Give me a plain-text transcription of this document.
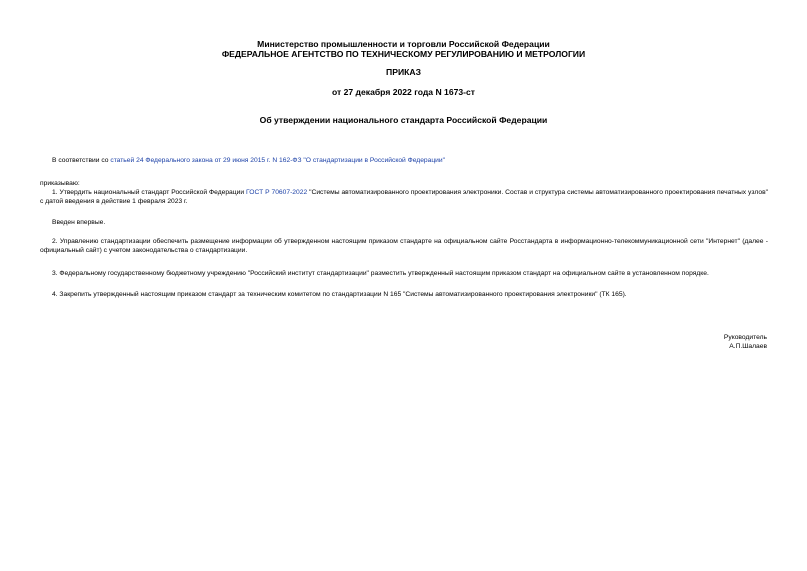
Министерство промышленности и торговли Российской Федерации
ФЕДЕРАЛЬНОЕ АГЕНТСТВО ПО ТЕХНИЧЕСКОМУ РЕГУЛИРОВАНИЮ И МЕТРОЛОГИИ
ПРИКАЗ
от 27 декабря 2022 года N 1673-ст
Об утверждении национального стандарта Российской Федерации
В соответствии со статьей 24 Федерального закона от 29 июня 2015 г. N 162-ФЗ "О стандартизации в Российской Федерации"
приказываю:
1. Утвердить национальный стандарт Российской Федерации ГОСТ Р 70607-2022 "Системы автоматизированного проектирования электроники. Состав и структура системы автоматизированного проектирования печатных узлов" с датой введения в действие 1 февраля 2023 г.
Введен впервые.
2. Управлению стандартизации обеспечить размещение информации об утвержденном настоящим приказом стандарте на официальном сайте Росстандарта в информационно-телекоммуникационной сети "Интернет" (далее - официальный сайт) с учетом законодательства о стандартизации.
3. Федеральному государственному бюджетному учреждению "Российский институт стандартизации" разместить утвержденный настоящим приказом стандарт на официальном сайте в установленном порядке.
4. Закрепить утвержденный настоящим приказом стандарт за техническим комитетом по стандартизации N 165 "Системы автоматизированного проектирования электроники" (ТК 165).
Руководитель
А.П.Шалаев
